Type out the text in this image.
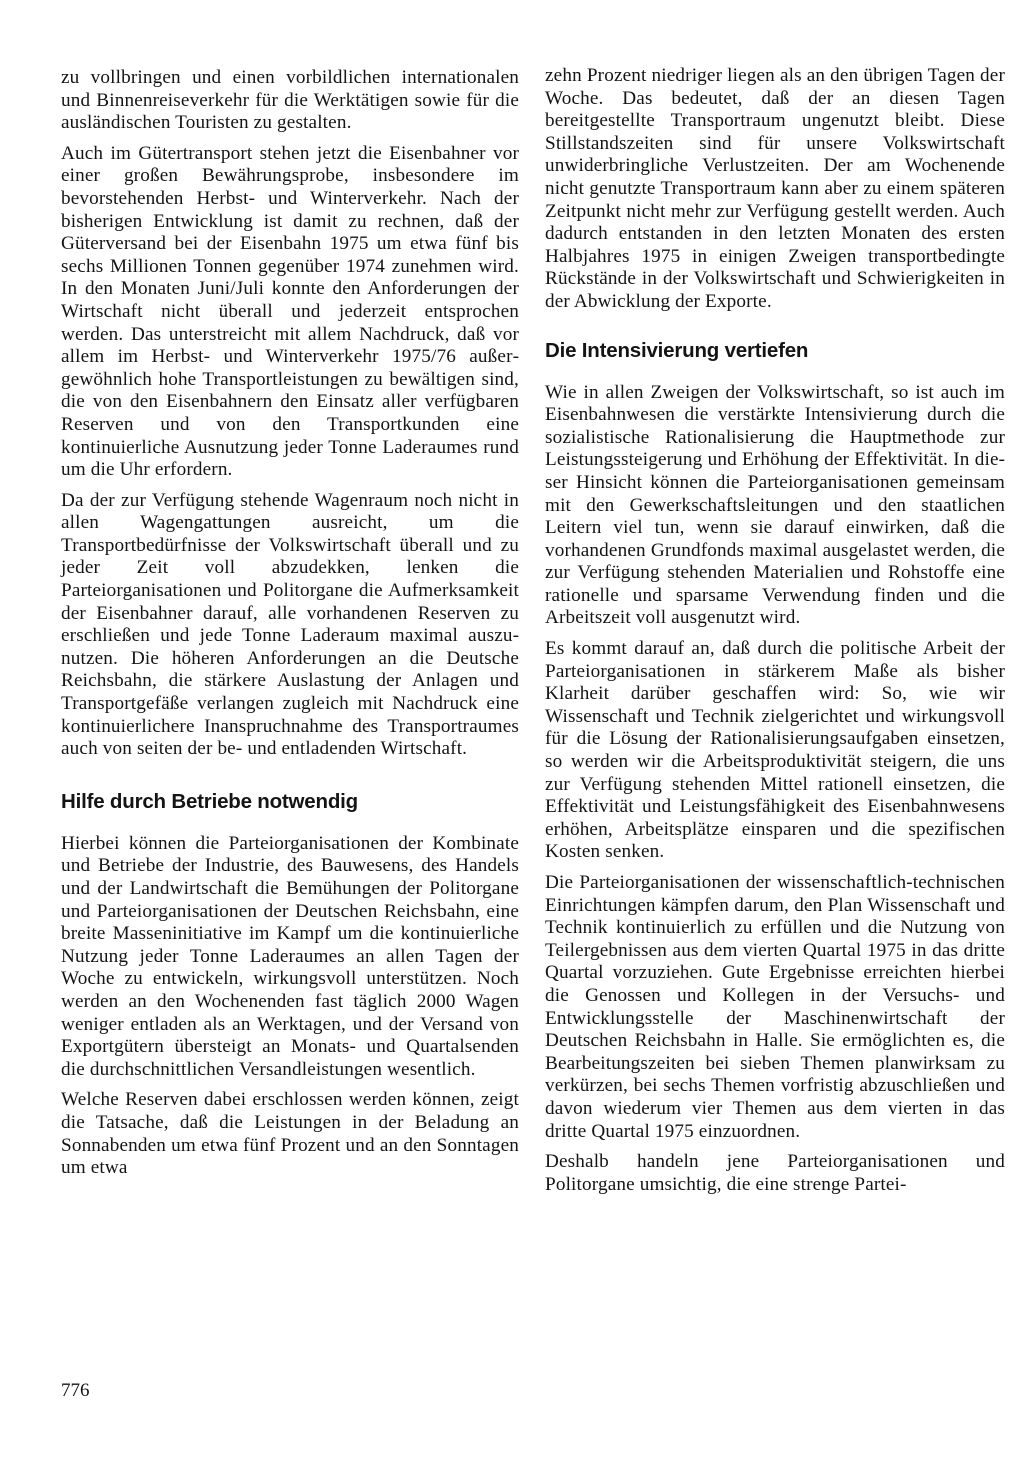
zu vollbringen und einen vorbildlichen internationalen und Binnenreiseverkehr für die Werktätigen sowie für die ausländischen Touristen zu gestalten.

Auch im Gütertransport stehen jetzt die Eisenbahner vor einer großen Bewährungsprobe, insbesondere im bevorstehenden Herbst- und Winterverkehr. Nach der bisherigen Entwicklung ist damit zu rechnen, daß der Güterversand bei der Eisenbahn 1975 um etwa fünf bis sechs Millionen Tonnen gegenüber 1974 zunehmen wird. In den Monaten Juni/Juli konnte den Anforderungen der Wirtschaft nicht überall und jederzeit entsprochen werden. Das unterstreicht mit allem Nachdruck, daß vor allem im Herbst- und Winterverkehr 1975/76 außergewöhnlich hohe Transportleistungen zu bewältigen sind, die von den Eisenbahnern den Einsatz aller verfügbaren Reserven und von den Transportkunden eine kontinuierliche Ausnutzung jeder Tonne Laderaumes rund um die Uhr erfordern.

Da der zur Verfügung stehende Wagenraum noch nicht in allen Wagengattungen ausreicht, um die Transportbedürfnisse der Volkswirtschaft überall und zu jeder Zeit voll abzudekken, lenken die Parteiorganisationen und Politorgane die Aufmerksamkeit der Eisenbahner darauf, alle vorhandenen Reserven zu erschließen und jede Tonne Laderaum maximal auszunutzen. Die höheren Anforderungen an die Deutsche Reichsbahn, die stärkere Auslastung der Anlagen und Transportgefäße verlangen zugleich mit Nachdruck eine kontinuierlichere Inanspruchnahme des Transportraumes auch von seiten der be- und entladenden Wirtschaft.

Hilfe durch Betriebe notwendig

Hierbei können die Parteiorganisationen der Kombinate und Betriebe der Industrie, des Bauwesens, des Handels und der Landwirtschaft die Bemühungen der Politorgane und Parteiorganisationen der Deutschen Reichsbahn, eine breite Masseninitiative im Kampf um die kontinuierliche Nutzung jeder Tonne Laderaumes an allen Tagen der Woche zu entwickeln, wirkungsvoll unterstützen. Noch werden an den Wochenenden fast täglich 2000 Wagen weniger entladen als an Werktagen, und der Versand von Exportgütern übersteigt an Monats- und Quartalsenden die durchschnittlichen Versandleistungen wesentlich.

Welche Reserven dabei erschlossen werden können, zeigt die Tatsache, daß die Leistungen in der Beladung an Sonnabenden um etwa fünf Prozent und an den Sonntagen um etwa

zehn Prozent niedriger liegen als an den übrigen Tagen der Woche. Das bedeutet, daß der an diesen Tagen bereitgestellte Transportraum ungenutzt bleibt. Diese Stillstandszeiten sind für unsere Volkswirtschaft unwiderbringliche Verlustzeiten. Der am Wochenende nicht genutzte Transportraum kann aber zu einem späteren Zeitpunkt nicht mehr zur Verfügung gestellt werden. Auch dadurch entstanden in den letzten Monaten des ersten Halbjahres 1975 in einigen Zweigen transportbedingte Rückstände in der Volkswirtschaft und Schwierigkeiten in der Abwicklung der Exporte.

Die Intensivierung vertiefen

Wie in allen Zweigen der Volkswirtschaft, so ist auch im Eisenbahnwesen die verstärkte Intensivierung durch die sozialistische Rationalisierung die Hauptmethode zur Leistungssteigerung und Erhöhung der Effektivität. In dieser Hinsicht können die Parteiorganisationen gemeinsam mit den Gewerkschaftsleitungen und den staatlichen Leitern viel tun, wenn sie darauf einwirken, daß die vorhandenen Grundfonds maximal ausgelastet werden, die zur Verfügung stehenden Materialien und Rohstoffe eine rationelle und sparsame Verwendung finden und die Arbeitszeit voll ausgenutzt wird.

Es kommt darauf an, daß durch die politische Arbeit der Parteiorganisationen in stärkerem Maße als bisher Klarheit darüber geschaffen wird: So, wie wir Wissenschaft und Technik zielgerichtet und wirkungsvoll für die Lösung der Rationalisierungsaufgaben einsetzen, so werden wir die Arbeitsproduktivität steigern, die uns zur Verfügung stehenden Mittel rationell einsetzen, die Effektivität und Leistungsfähigkeit des Eisenbahnwesens erhöhen, Arbeitsplätze einsparen und die spezifischen Kosten senken.

Die Parteiorganisationen der wissenschaftlich-technischen Einrichtungen kämpfen darum, den Plan Wissenschaft und Technik kontinuierlich zu erfüllen und die Nutzung von Teilergebnissen aus dem vierten Quartal 1975 in das dritte Quartal vorzuziehen. Gute Ergebnisse erreichten hierbei die Genossen und Kollegen in der Versuchs- und Entwicklungsstelle der Maschinenwirtschaft der Deutschen Reichsbahn in Halle. Sie ermöglichten es, die Bearbeitungszeiten bei sieben Themen planwirksam zu verkürzen, bei sechs Themen vorfristig abzuschließen und davon wiederum vier Themen aus dem vierten in das dritte Quartal 1975 einzuordnen.

Deshalb handeln jene Parteiorganisationen und Politorgane umsichtig, die eine strenge Partei-

776
